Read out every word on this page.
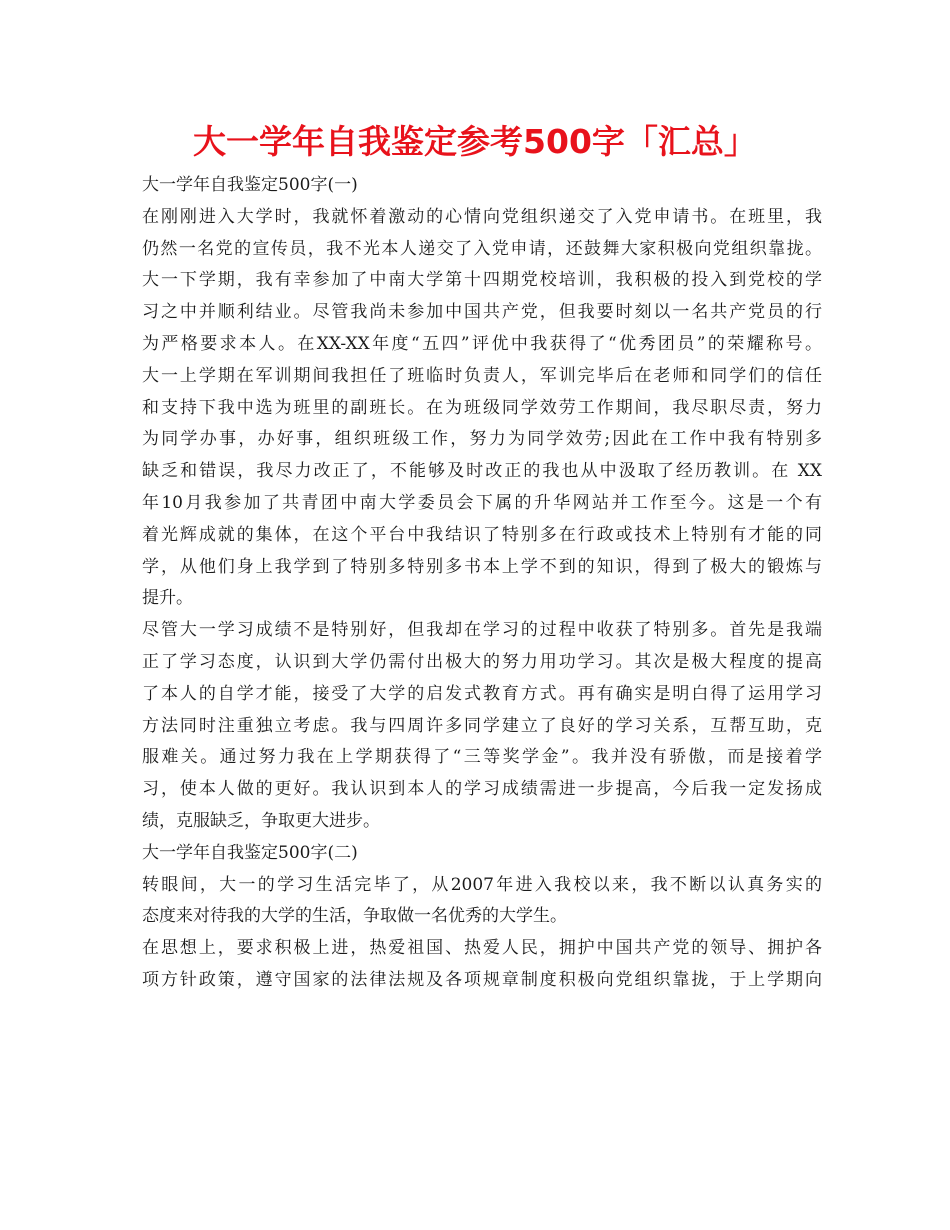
大一学年自我鉴定参考500字「汇总」
大一学年自我鉴定500字(一)
在刚刚进入大学时，我就怀着激动的心情向党组织递交了入党申请书。在班里，我
仍然一名党的宣传员，我不光本人递交了入党申请，还鼓舞大家积极向党组织靠拢。
大一下学期，我有幸参加了中南大学第十四期党校培训，我积极的投入到党校的学
习之中并顺利结业。尽管我尚未参加中国共产党，但我要时刻以一名共产党员的行
为严格要求本人。在XX-XX年度“五四”评优中我获得了“优秀团员”的荣耀称号。
大一上学期在军训期间我担任了班临时负责人，军训完毕后在老师和同学们的信任
和支持下我中选为班里的副班长。在为班级同学效劳工作期间，我尽职尽责，努力
为同学办事，办好事，组织班级工作，努力为同学效劳;因此在工作中我有特别多
缺乏和错误，我尽力改正了，不能够及时改正的我也从中汲取了经历教训。在 XX
年10月我参加了共青团中南大学委员会下属的升华网站并工作至今。这是一个有
着光辉成就的集体，在这个平台中我结识了特别多在行政或技术上特别有才能的同
学，从他们身上我学到了特别多特别多书本上学不到的知识，得到了极大的锻炼与
提升。
尽管大一学习成绩不是特别好，但我却在学习的过程中收获了特别多。首先是我端
正了学习态度，认识到大学仍需付出极大的努力用功学习。其次是极大程度的提高
了本人的自学才能，接受了大学的启发式教育方式。再有确实是明白得了运用学习
方法同时注重独立考虑。我与四周许多同学建立了良好的学习关系，互帮互助，克
服难关。通过努力我在上学期获得了“三等奖学金”。我并没有骄傲，而是接着学
习，使本人做的更好。我认识到本人的学习成绩需进一步提高，今后我一定发扬成
绩，克服缺乏，争取更大进步。
大一学年自我鉴定500字(二)
转眼间，大一的学习生活完毕了，从2007年进入我校以来，我不断以认真务实的
态度来对待我的大学的生活，争取做一名优秀的大学生。
在思想上，要求积极上进，热爱祖国、热爱人民，拥护中国共产党的领导、拥护各
项方针政策，遵守国家的法律法规及各项规章制度积极向党组织靠拢，于上学期向
